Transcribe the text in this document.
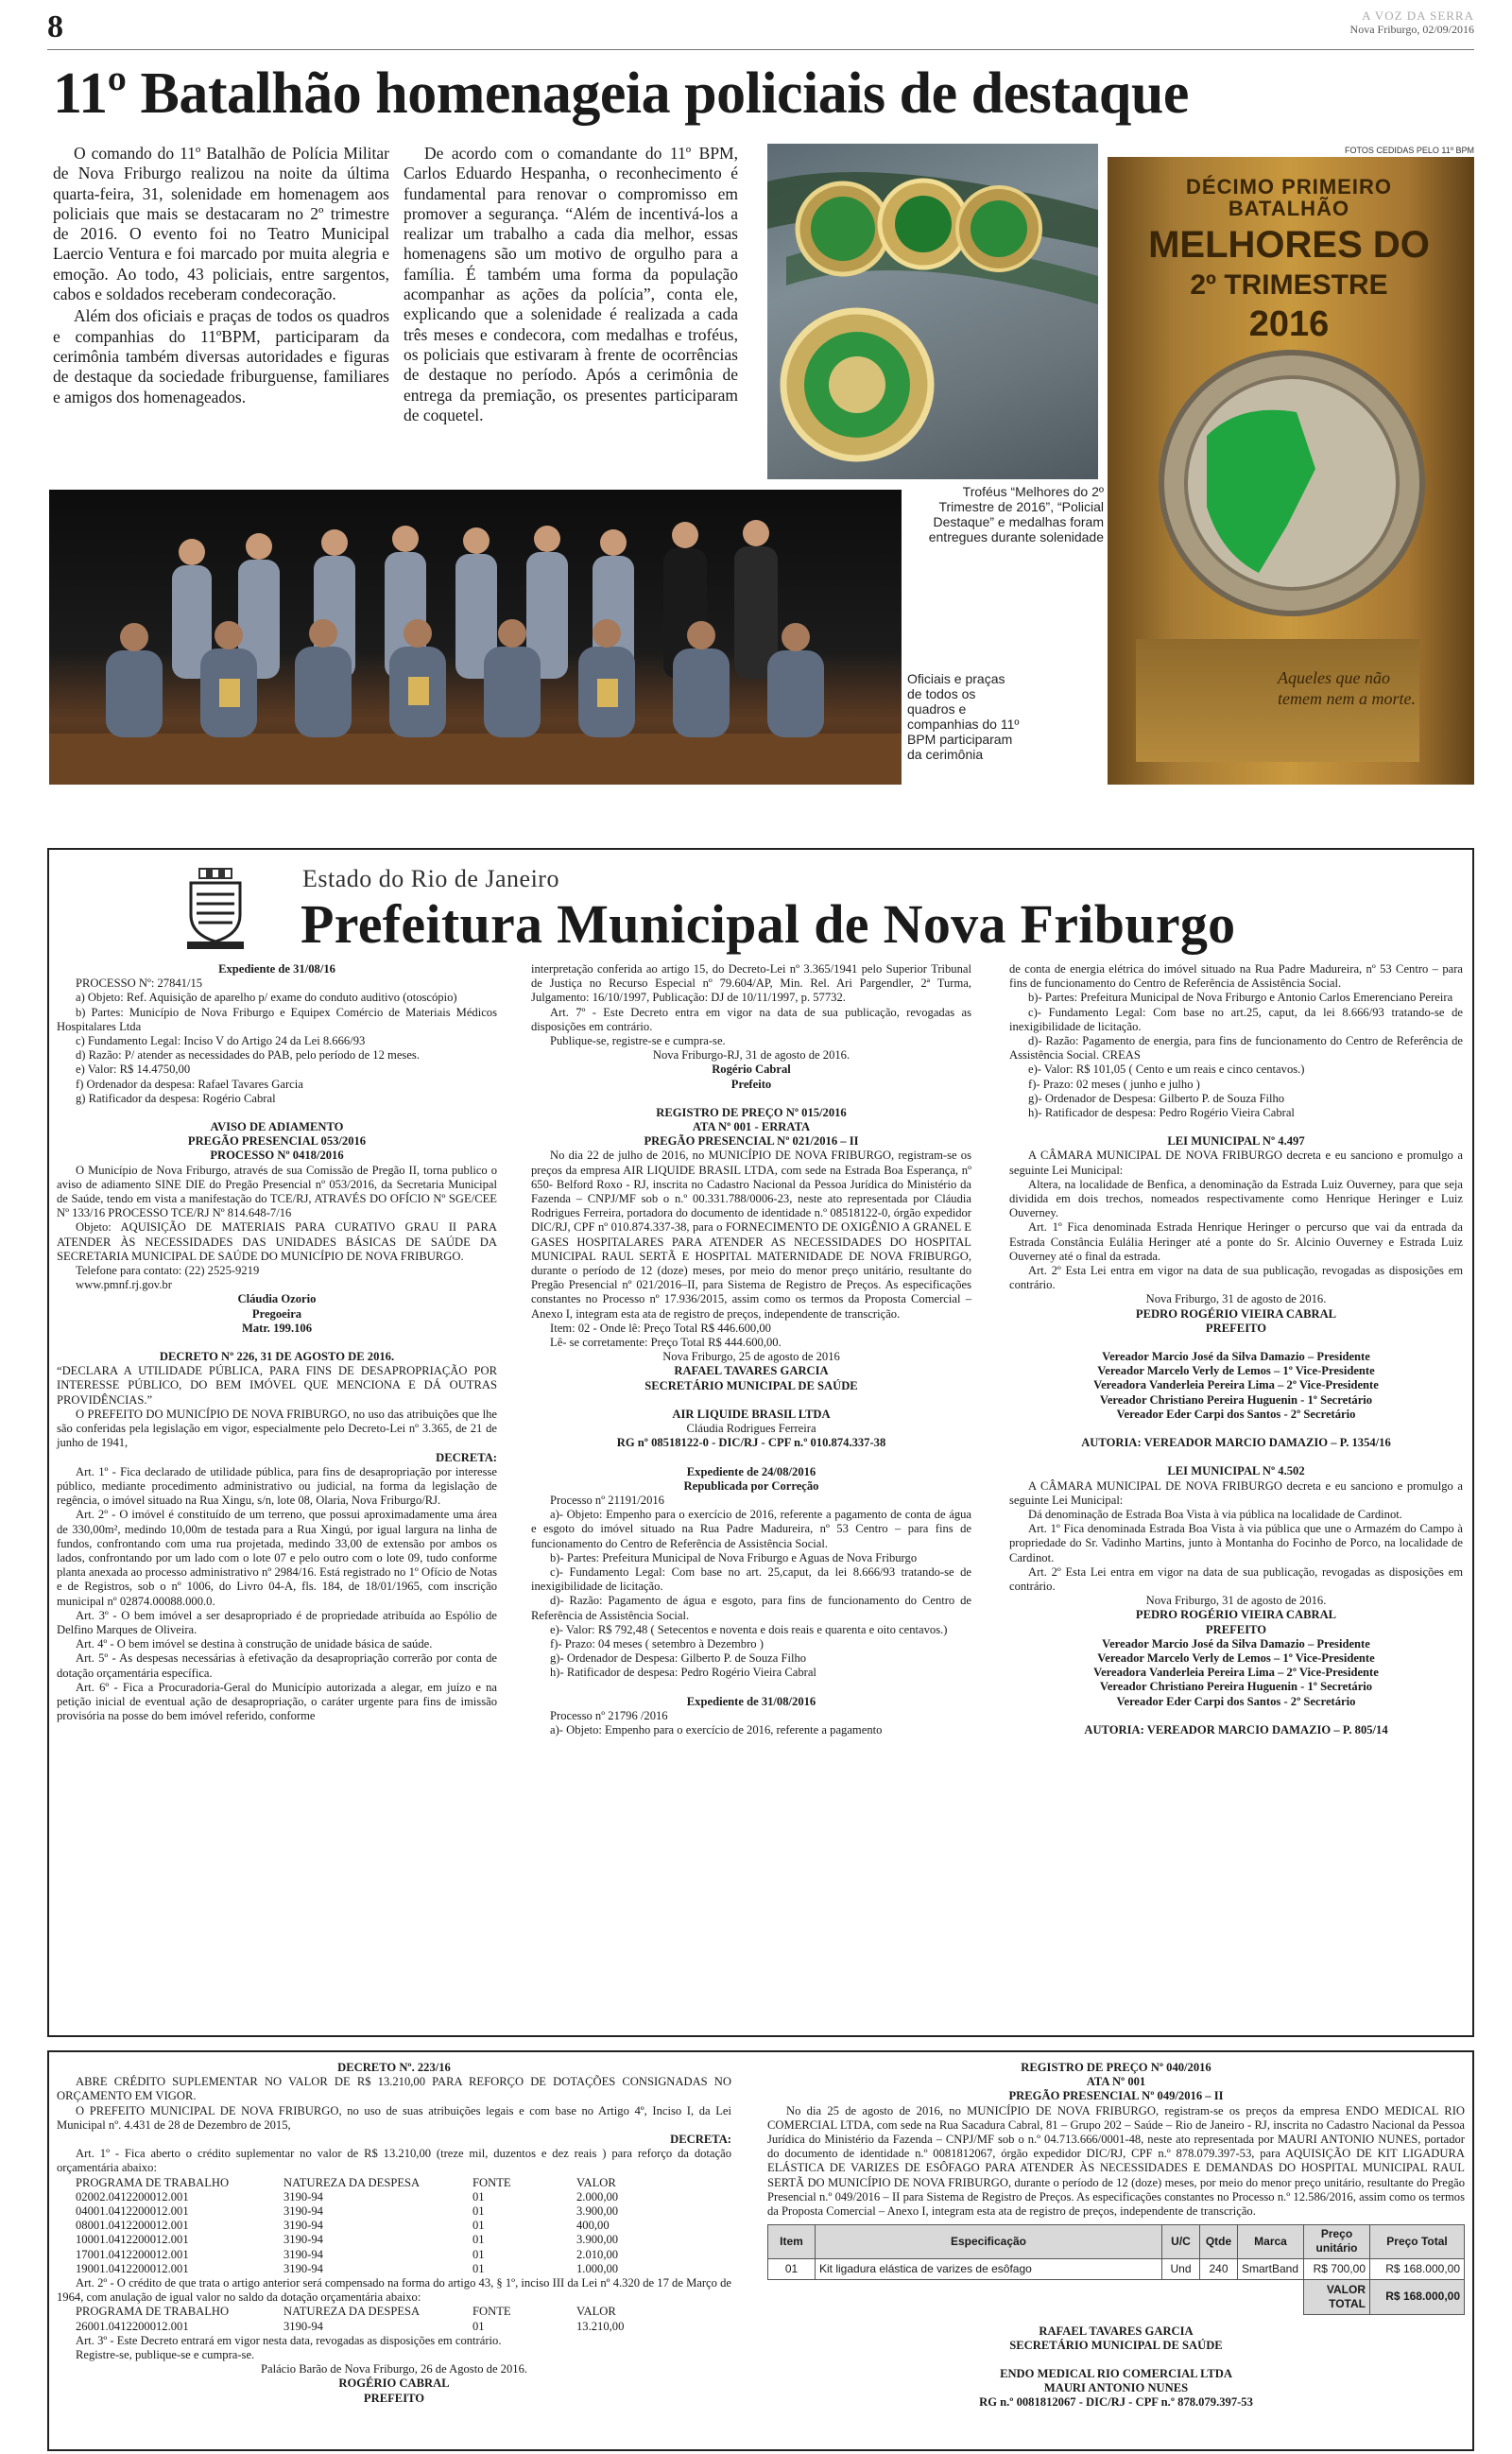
8	A VOZ DA SERRA
Nova Friburgo, 02/09/2016
11º Batalhão homenageia policiais de destaque

O comando do 11º Batalhão de Polícia Militar de Nova Friburgo realizou na noite da última quarta-feira, 31, solenidade em homenagem aos policiais que mais se destacaram no 2º trimestre de 2016. O evento foi no Teatro Municipal Laercio Ventura e foi marcado por muita alegria e emoção. Ao todo, 43 policiais, entre sargentos, cabos e soldados receberam condecoração.

Além dos oficiais e praças de todos os quadros e companhias do 11ºBPM, participaram da cerimônia também diversas autoridades e figuras de destaque da sociedade friburguense, familiares e amigos dos homenageados.

De acordo com o comandante do 11º BPM, Carlos Eduardo Hespanha, o reconhecimento é fundamental para renovar o compromisso em promover a segurança. “Além de incentivá-los a realizar um trabalho a cada dia melhor, essas homenagens são um motivo de orgulho para a família. É também uma forma da população acompanhar as ações da polícia”, conta ele, explicando que a solenidade é realizada a cada três meses e condecora, com medalhas e troféus, os policiais que estivaram à frente de ocorrências de destaque no período. Após a cerimônia de entrega da premiação, os presentes participaram de coquetel.

FOTOS CEDIDAS PELO 11º BPM
DÉCIMO PRIMEIRO BATALHÃO
MELHORES DO
2º TRIMESTRE
2016
Aqueles que não temem nem a morte.
Troféus “Melhores do 2º Trimestre de 2016”, “Policial Destaque” e medalhas foram entregues durante solenidade
Oficiais e praças de todos os quadros e companhias do 11º BPM participaram da cerimônia
Estado do Rio de Janeiro
Prefeitura Municipal de Nova Friburgo

Expediente de 31/08/16

PROCESSO Nº: 27841/15

a) Objeto: Ref. Aquisição de aparelho p/ exame do conduto auditivo (otoscópio)

b) Partes: Município de Nova Friburgo e Equipex Comércio de Materiais Médicos Hospitalares Ltda

c) Fundamento Legal: Inciso V do Artigo 24 da Lei 8.666/93

d) Razão: P/ atender as necessidades do PAB, pelo período de 12 meses.

e) Valor: R$ 14.4750,00

f) Ordenador da despesa: Rafael Tavares Garcia

g) Ratificador da despesa: Rogério Cabral

AVISO DE ADIAMENTO

PREGÃO PRESENCIAL 053/2016

PROCESSO Nº 0418/2016

O Município de Nova Friburgo, através de sua Comissão de Pregão II, torna publico o aviso de adiamento SINE DIE do Pregão Presencial nº 053/2016, da Secretaria Municipal de Saúde, tendo em vista a manifestação do TCE/RJ, ATRAVÉS DO OFÍCIO Nº SGE/CEE Nº 133/16 PROCESSO TCE/RJ Nº 814.648-7/16

Objeto: AQUISIÇÃO DE MATERIAIS PARA CURATIVO GRAU II PARA ATENDER ÀS NECESSIDADES DAS UNIDADES BÁSICAS DE SAÚDE DA SECRETARIA MUNICIPAL DE SAÚDE DO MUNICÍPIO DE NOVA FRIBURGO.

Telefone para contato: (22) 2525-9219

www.pmnf.rj.gov.br

Cláudia Ozorio

Pregoeira

Matr. 199.106

DECRETO Nº 226, 31 DE AGOSTO DE 2016.

“DECLARA A UTILIDADE PÚBLICA, PARA FINS DE DESAPROPRIAÇÃO POR INTERESSE PÚBLICO, DO BEM IMÓVEL QUE MENCIONA E DÁ OUTRAS PROVIDÊNCIAS.”

O PREFEITO DO MUNICÍPIO DE NOVA FRIBURGO, no uso das atribuições que lhe são conferidas pela legislação em vigor, especialmente pelo Decreto-Lei nº 3.365, de 21 de junho de 1941,

DECRETA:

Art. 1º - Fica declarado de utilidade pública, para fins de desapropriação por interesse público, mediante procedimento administrativo ou judicial, na forma da legislação de regência, o imóvel situado na Rua Xingu, s/n, lote 08, Olaria, Nova Friburgo/RJ.

Art. 2º - O imóvel é constituído de um terreno, que possui aproximadamente uma área de 330,00m², medindo 10,00m de testada para a Rua Xingú, por igual largura na linha de fundos, confrontando com uma rua projetada, medindo 33,00 de extensão por ambos os lados, confrontando por um lado com o lote 07 e pelo outro com o lote 09, tudo conforme planta anexada ao processo administrativo nº 2984/16. Está registrado no 1º Ofício de Notas e de Registros, sob o nº 1006, do Livro 04-A, fls. 184, de 18/01/1965, com inscrição municipal nº 02874.00088.000.0.

Art. 3º - O bem imóvel a ser desapropriado é de propriedade atribuída ao Espólio de Delfino Marques de Oliveira.

Art. 4º - O bem imóvel se destina à construção de unidade básica de saúde.

Art. 5º - As despesas necessárias à efetivação da desapropriação correrão por conta de dotação orçamentária específica.

Art. 6º - Fica a Procuradoria-Geral do Município autorizada a alegar, em juízo e na petição inicial de eventual ação de desapropriação, o caráter urgente para fins de imissão provisória na posse do bem imóvel referido, conforme

interpretação conferida ao artigo 15, do Decreto-Lei nº 3.365/1941 pelo Superior Tribunal de Justiça no Recurso Especial nº 79.604/AP, Min. Rel. Ari Pargendler, 2ª Turma, Julgamento: 16/10/1997, Publicação: DJ de 10/11/1997, p. 57732.

Art. 7º - Este Decreto entra em vigor na data de sua publicação, revogadas as disposições em contrário.

Publique-se, registre-se e cumpra-se.

Nova Friburgo-RJ, 31 de agosto de 2016.

Rogério Cabral

Prefeito

REGISTRO DE PREÇO Nº 015/2016

ATA Nº 001 - ERRATA

PREGÃO PRESENCIAL Nº 021/2016 – II

No dia 22 de julho de 2016, no MUNICÍPIO DE NOVA FRIBURGO, registram-se os preços da empresa AIR LIQUIDE BRASIL LTDA, com sede na Estrada Boa Esperança, nº 650- Belford Roxo - RJ, inscrita no Cadastro Nacional da Pessoa Jurídica do Ministério da Fazenda – CNPJ/MF sob o n.º 00.331.788/0006-23, neste ato representada por Cláudia Rodrigues Ferreira, portadora do documento de identidade n.º 08518122-0, órgão expedidor DIC/RJ, CPF nº 010.874.337-38, para o FORNECIMENTO DE OXIGÊNIO A GRANEL E GASES HOSPITALARES PARA ATENDER AS NECESSIDADES DO HOSPITAL MUNICIPAL RAUL SERTÃ E HOSPITAL MATERNIDADE DE NOVA FRIBURGO, durante o período de 12 (doze) meses, por meio do menor preço unitário, resultante do Pregão Presencial nº 021/2016–II, para Sistema de Registro de Preços. As especificações constantes no Processo nº 17.936/2015, assim como os termos da Proposta Comercial – Anexo I, integram esta ata de registro de preços, independente de transcrição.

Item: 02 - Onde lê: Preço Total R$ 446.600,00

Lê- se corretamente: Preço Total R$ 444.600,00.

Nova Friburgo, 25 de agosto de 2016

RAFAEL TAVARES GARCIA

SECRETÁRIO MUNICIPAL DE SAÚDE

AIR LIQUIDE BRASIL LTDA

Cláudia Rodrigues Ferreira

RG nº 08518122-0 - DIC/RJ - CPF n.º 010.874.337-38

Expediente de 24/08/2016

Republicada por Correção

Processo nº 21191/2016

a)- Objeto: Empenho para o exercício de 2016, referente a pagamento de conta de água e esgoto do imóvel situado na Rua Padre Madureira, nº 53 Centro – para fins de funcionamento do Centro de Referência de Assistência Social.

b)- Partes: Prefeitura Municipal de Nova Friburgo e Aguas de Nova Friburgo

c)- Fundamento Legal: Com base no art. 25,caput, da lei 8.666/93 tratando-se de inexigibilidade de licitação.

d)- Razão: Pagamento de água e esgoto, para fins de funcionamento do Centro de Referência de Assistência Social.

e)- Valor: R$ 792,48 ( Setecentos e noventa e dois reais e quarenta e oito centavos.)

f)- Prazo: 04 meses ( setembro à Dezembro )

g)- Ordenador de Despesa: Gilberto P. de Souza Filho

h)- Ratificador de despesa: Pedro Rogério Vieira Cabral

Expediente de 31/08/2016

Processo nº 21796 /2016

a)- Objeto: Empenho para o exercício de 2016, referente a pagamento

de conta de energia elétrica do imóvel situado na Rua Padre Madureira, nº 53 Centro – para fins de funcionamento do Centro de Referência de Assistência Social.

b)- Partes: Prefeitura Municipal de Nova Friburgo e Antonio Carlos Emerenciano Pereira

c)- Fundamento Legal: Com base no art.25, caput, da lei 8.666/93 tratando-se de inexigibilidade de licitação.

d)- Razão: Pagamento de energia, para fins de funcionamento do Centro de Referência de Assistência Social. CREAS

e)- Valor: R$ 101,05 ( Cento e um reais e cinco centavos.)

f)- Prazo: 02 meses ( junho e julho )

g)- Ordenador de Despesa: Gilberto P. de Souza Filho

h)- Ratificador de despesa: Pedro Rogério Vieira Cabral

LEI MUNICIPAL Nº 4.497

A CÂMARA MUNICIPAL DE NOVA FRIBURGO decreta e eu sanciono e promulgo a seguinte Lei Municipal:

Altera, na localidade de Benfica, a denominação da Estrada Luiz Ouverney, para que seja dividida em dois trechos, nomeados respectivamente como Henrique Heringer e Luiz Ouverney.

Art. 1º Fica denominada Estrada Henrique Heringer o percurso que vai da entrada da Estrada Constância Eulália Heringer até a ponte do Sr. Alcinio Ouverney e Estrada Luiz Ouverney até o final da estrada.

Art. 2º Esta Lei entra em vigor na data de sua publicação, revogadas as disposições em contrário.

Nova Friburgo, 31 de agosto de 2016.

PEDRO ROGÉRIO VIEIRA CABRAL

PREFEITO

Vereador Marcio José da Silva Damazio – Presidente

Vereador Marcelo Verly de Lemos – 1º Vice-Presidente

Vereadora Vanderleia Pereira Lima – 2º Vice-Presidente

Vereador Christiano Pereira Huguenin - 1º Secretário

Vereador Eder Carpi dos Santos - 2º Secretário

AUTORIA: VEREADOR MARCIO DAMAZIO – P. 1354/16

LEI MUNICIPAL Nº 4.502

A CÂMARA MUNICIPAL DE NOVA FRIBURGO decreta e eu sanciono e promulgo a seguinte Lei Municipal:

Dá denominação de Estrada Boa Vista à via pública na localidade de Cardinot.

Art. 1º Fica denominada Estrada Boa Vista à via pública que une o Armazém do Campo à propriedade do Sr. Vadinho Martins, junto à Montanha do Focinho de Porco, na localidade de Cardinot.

Art. 2º Esta Lei entra em vigor na data de sua publicação, revogadas as disposições em contrário.

Nova Friburgo, 31 de agosto de 2016.

PEDRO ROGÉRIO VIEIRA CABRAL

PREFEITO

Vereador Marcio José da Silva Damazio – Presidente

Vereador Marcelo Verly de Lemos – 1º Vice-Presidente

Vereadora Vanderleia Pereira Lima – 2º Vice-Presidente

Vereador Christiano Pereira Huguenin - 1º Secretário

Vereador Eder Carpi dos Santos - 2º Secretário

AUTORIA: VEREADOR MARCIO DAMAZIO – P. 805/14

DECRETO Nº. 223/16

ABRE CRÉDITO SUPLEMENTAR NO VALOR DE R$ 13.210,00 PARA REFORÇO DE DOTAÇÕES CONSIGNADAS NO ORÇAMENTO EM VIGOR.

O PREFEITO MUNICIPAL DE NOVA FRIBURGO, no uso de suas atribuições legais e com base no Artigo 4º, Inciso I, da Lei Municipal nº. 4.431 de 28 de Dezembro de 2015,

DECRETA:

Art. 1º - Fica aberto o crédito suplementar no valor de R$ 13.210,00 (treze mil, duzentos e dez reais ) para reforço da dotação orçamentária abaixo:

PROGRAMA DE TRABALHO	NATUREZA DA DESPESA	FONTE	VALOR
02002.0412200012.001	3190-94	01	2.000,00
04001.0412200012.001	3190-94	01	3.900,00
08001.0412200012.001	3190-94	01	400,00
10001.0412200012.001	3190-94	01	3.900,00
17001.0412200012.001	3190-94	01	2.010,00
19001.0412200012.001	3190-94	01	1.000,00

Art. 2º - O crédito de que trata o artigo anterior será compensado na forma do artigo 43, § 1º, inciso III da Lei nº 4.320 de 17 de Março de 1964, com anulação de igual valor no saldo da dotação orçamentária abaixo:

PROGRAMA DE TRABALHO	NATUREZA DA DESPESA	FONTE	VALOR
26001.0412200012.001	3190-94	01	13.210,00

Art. 3º - Este Decreto entrará em vigor nesta data, revogadas as disposições em contrário.

Registre-se, publique-se e cumpra-se.

Palácio Barão de Nova Friburgo, 26 de Agosto de 2016.

ROGÉRIO CABRAL

PREFEITO

REGISTRO DE PREÇO Nº 040/2016

ATA Nº 001

PREGÃO PRESENCIAL Nº 049/2016 – II

No dia 25 de agosto de 2016, no MUNICÍPIO DE NOVA FRIBURGO, registram-se os preços da empresa ENDO MEDICAL RIO COMERCIAL LTDA, com sede na Rua Sacadura Cabral, 81 – Grupo 202 – Saúde – Rio de Janeiro - RJ, inscrita no Cadastro Nacional da Pessoa Jurídica do Ministério da Fazenda – CNPJ/MF sob o n.º 04.713.666/0001-48, neste ato representada por MAURI ANTONIO NUNES, portador do documento de identidade n.º 0081812067, órgão expedidor DIC/RJ, CPF n.º 878.079.397-53, para AQUISIÇÃO DE KIT LIGADURA ELÁSTICA DE VARIZES DE ESÔFAGO PARA ATENDER ÀS NECESSIDADES E DEMANDAS DO HOSPITAL MUNICIPAL RAUL SERTÃ DO MUNICÍPIO DE NOVA FRIBURGO, durante o período de 12 (doze) meses, por meio do menor preço unitário, resultante do Pregão Presencial n.º 049/2016 – II para Sistema de Registro de Preços. As especificações constantes no Processo n.º 12.586/2016, assim como os termos da Proposta Comercial – Anexo I, integram esta ata de registro de preços, independente de transcrição.

Item	Especificação	U/C	Qtde	Marca	Preço unitário	Preço Total
01	Kit ligadura elástica de varizes de esôfago	Und	240	SmartBand	R$ 700,00	R$ 168.000,00
					VALOR TOTAL	R$ 168.000,00

RAFAEL TAVARES GARCIA

SECRETÁRIO MUNICIPAL DE SAÚDE

ENDO MEDICAL RIO COMERCIAL LTDA

MAURI ANTONIO NUNES

RG n.º 0081812067 - DIC/RJ - CPF n.º 878.079.397-53
